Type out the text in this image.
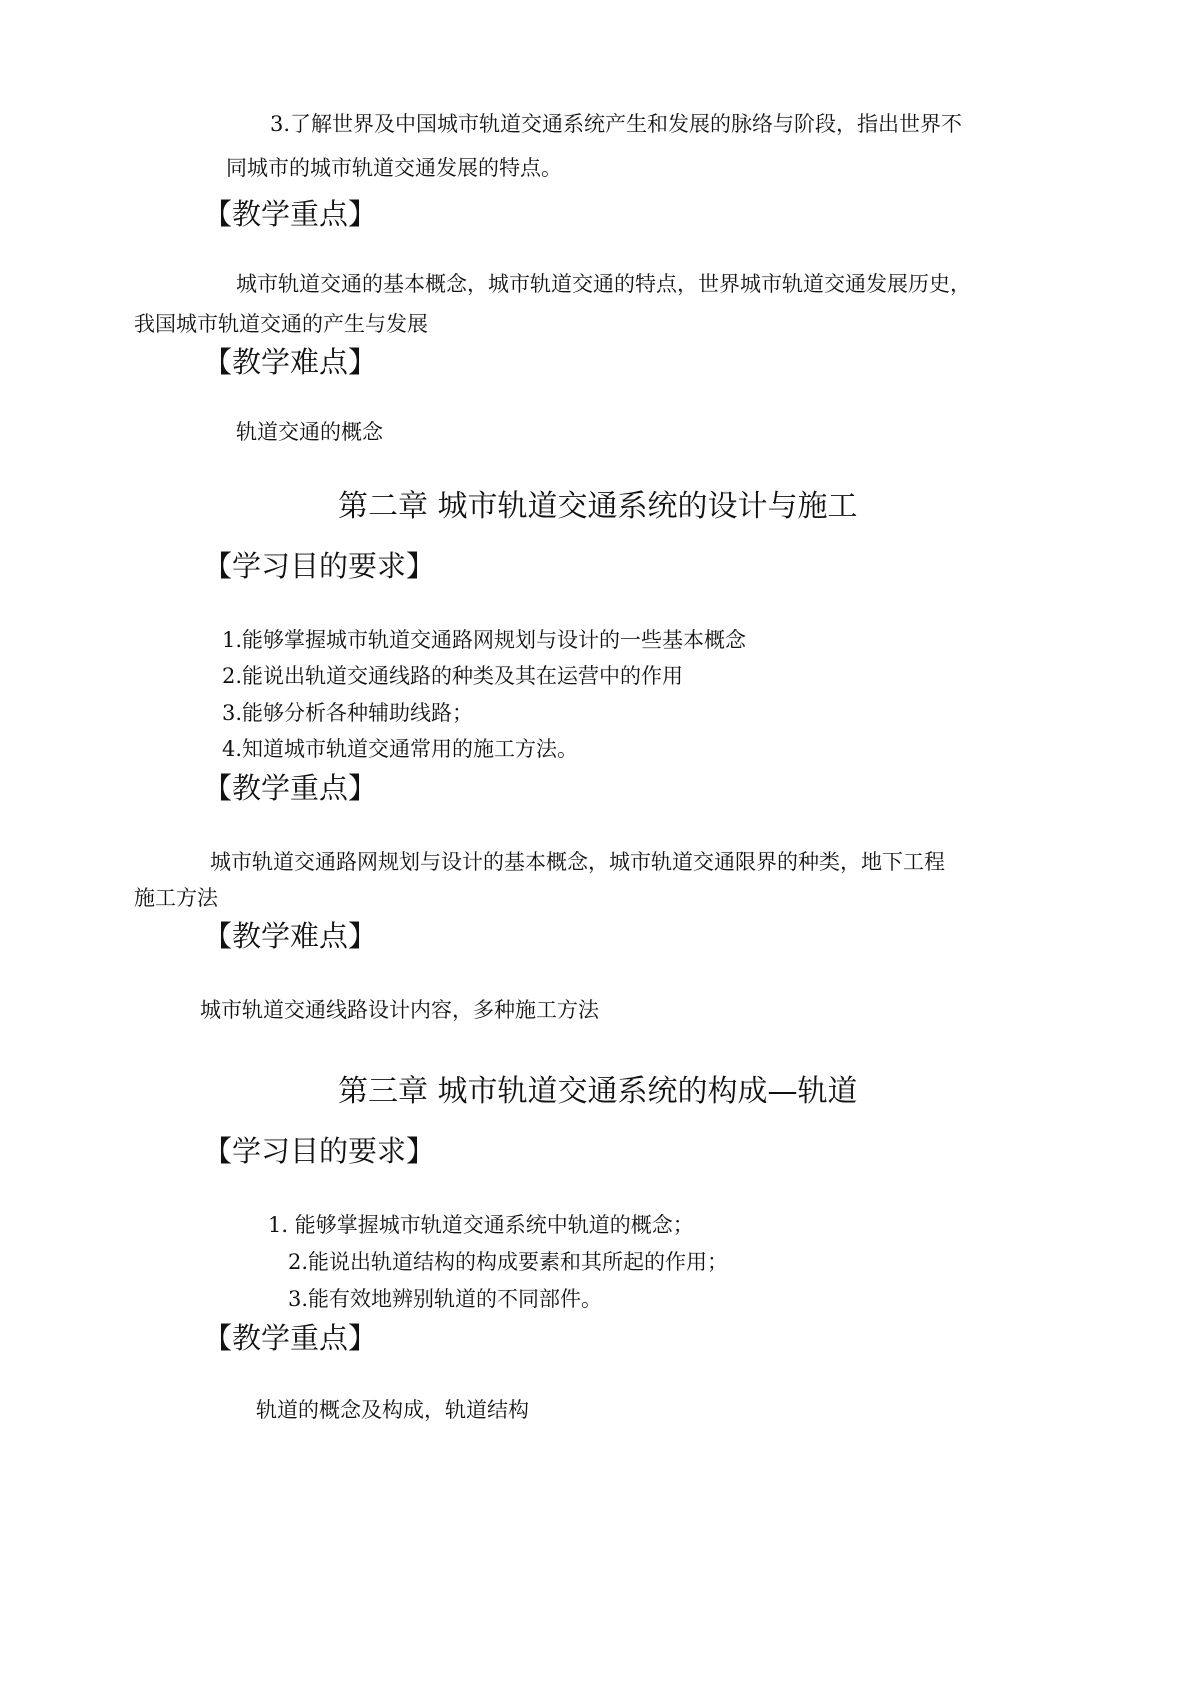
3.了解世界及中国城市轨道交通系统产生和发展的脉络与阶段，指出世界不

同城市的城市轨道交通发展的特点。

【教学重点】

城市轨道交通的基本概念，城市轨道交通的特点，世界城市轨道交通发展历史，

我国城市轨道交通的产生与发展

【教学难点】

轨道交通的概念

第二章 城市轨道交通系统的设计与施工

【学习目的要求】

1.能够掌握城市轨道交通路网规划与设计的一些基本概念

2.能说出轨道交通线路的种类及其在运营中的作用

3.能够分析各种辅助线路；

4.知道城市轨道交通常用的施工方法。

【教学重点】

城市轨道交通路网规划与设计的基本概念，城市轨道交通限界的种类，地下工程

施工方法

【教学难点】

城市轨道交通线路设计内容，多种施工方法

第三章 城市轨道交通系统的构成—轨道

【学习目的要求】

1. 能够掌握城市轨道交通系统中轨道的概念；

2.能说出轨道结构的构成要素和其所起的作用；

3.能有效地辨别轨道的不同部件。

【教学重点】

轨道的概念及构成，轨道结构
